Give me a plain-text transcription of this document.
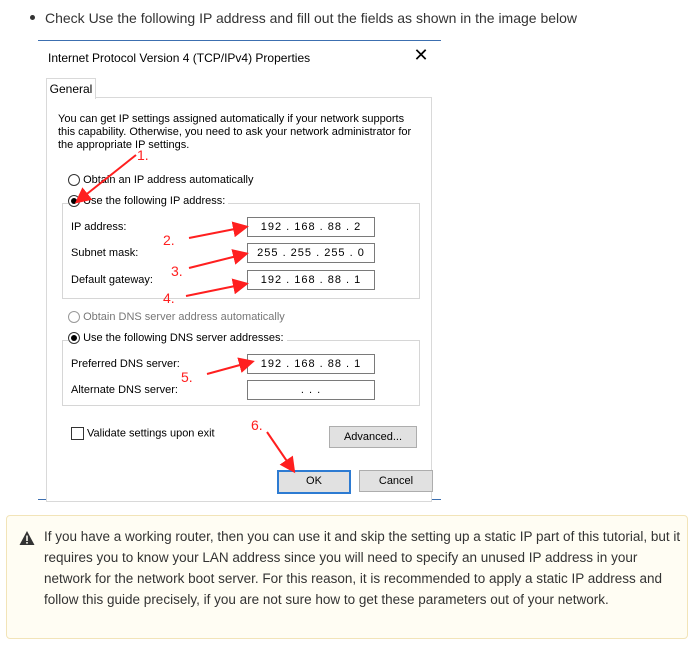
Check Use the following IP address and fill out the fields as shown in the image below
Internet Protocol Version 4 (TCP/IPv4) Properties	✕
General
You can get IP settings assigned automatically if your network supports this capability. Otherwise, you need to ask your network administrator for the appropriate IP settings.
Obtain an IP address automatically
Use the following IP address:
IP address:	192 . 168 . 88 . 2
Subnet mask:	255 . 255 . 255 . 0
Default gateway:	192 . 168 . 88 . 1
Obtain DNS server address automatically
Use the following DNS server addresses:
Preferred DNS server:	192 . 168 . 88 . 1
Alternate DNS server:	. . .
Validate settings upon exit	Advanced...
OK	Cancel
1.
2.
3.
4.
5.
6.
If you have a working router, then you can use it and skip the setting up a static IP part of this tutorial, but it requires you to know your LAN address since you will need to specify an unused IP address in your network for the network boot server. For this reason, it is recommended to apply a static IP address and follow this guide precisely, if you are not sure how to get these parameters out of your network.
